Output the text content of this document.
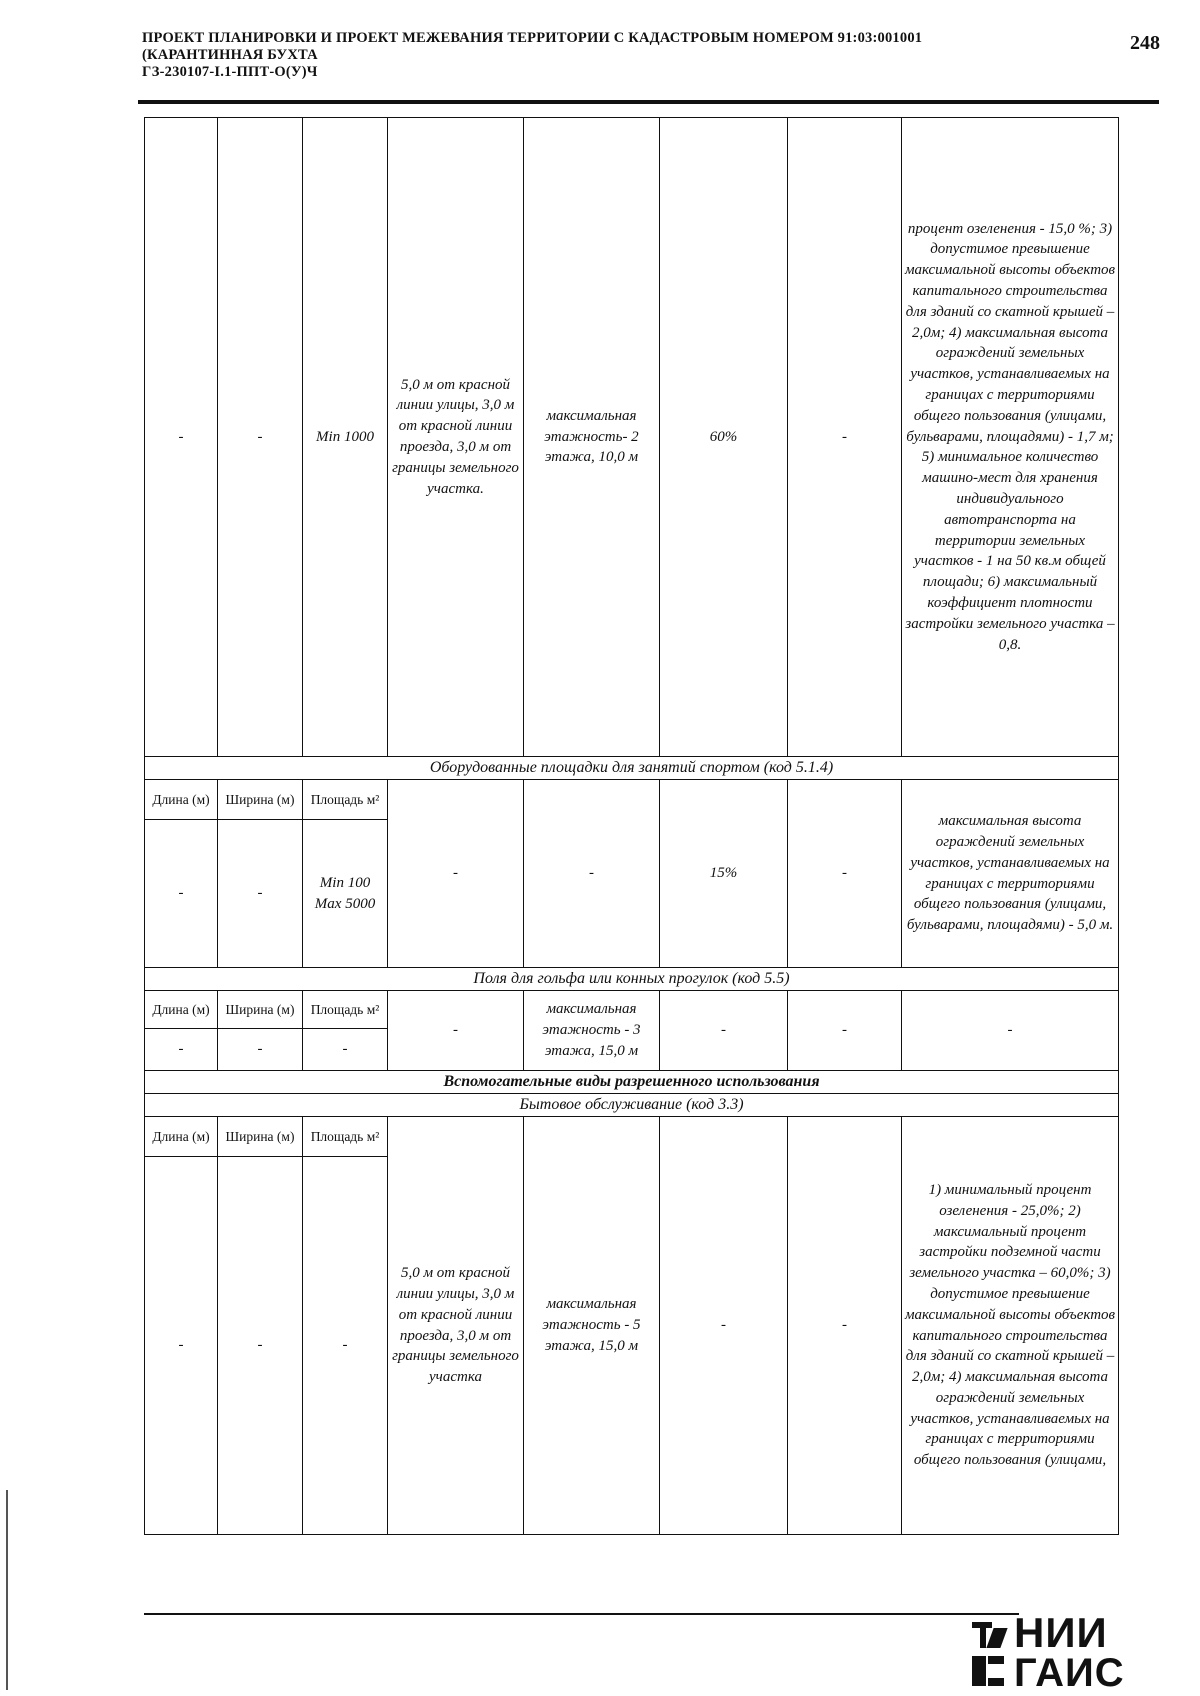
ПРОЕКТ ПЛАНИРОВКИ И ПРОЕКТ МЕЖЕВАНИЯ ТЕРРИТОРИИ С КАДАСТРОВЫМ НОМЕРОМ 91:03:001001
(КАРАНТИННАЯ БУХТА
ГЗ-230107-I.1-ППТ-О(У)Ч
248
-	-	Min 1000	5,0 м от красной линии улицы, 3,0 м от красной линии проезда, 3,0 м от границы земельного участка.	максимальная этажность- 2 этажа, 10,0 м	60%	-	процент озеленения - 15,0 %; 3) допустимое превышение максимальной высоты объектов капитального строительства для зданий со скатной крышей – 2,0м; 4) максимальная высота ограждений земельных участков, устанавливаемых на границах с территориями общего пользования (улицами, бульварами, площадями) - 1,7 м; 5) минимальное количество машино-мест для хранения индивидуального автотранспорта на территории земельных участков - 1 на 50 кв.м общей площади; 6) максимальный коэффициент плотности застройки земельного участка – 0,8.
Оборудованные площадки для занятий спортом (код 5.1.4)							
Длина (м)	Ширина (м)	Площадь м²	-	-	15%	-	максимальная высота ограждений земельных участков, устанавливаемых на границах с территориями общего пользования (улицами, бульварами, площадями) - 5,0 м.
-	-	Min 100
Max 5000					

Поля для гольфа или конных прогулок (код 5.5)							
Длина (м)	Ширина (м)	Площадь м²	-	максимальная этажность - 3 этажа, 15,0 м	-	-	-
-	-	-					
Вспомогательные виды разрешенного использования							
Бытовое обслуживание (код 3.3)							
Длина (м)	Ширина (м)	Площадь м²	5,0 м от красной линии улицы, 3,0 м от красной линии проезда, 3,0 м от границы земельного участка	максимальная этажность - 5 этажа, 15,0 м	-	-	1) минимальный процент озеленения - 25,0%; 2) максимальный процент застройки подземной части земельного участка – 60,0%; 3) допустимое превышение максимальной высоты объектов капитального строительства для зданий со скатной крышей – 2,0м; 4) максимальная высота ограждений земельных участков, устанавливаемых на границах с территориями общего пользования (улицами,
-	-	-					
НИИ
ГАИС
